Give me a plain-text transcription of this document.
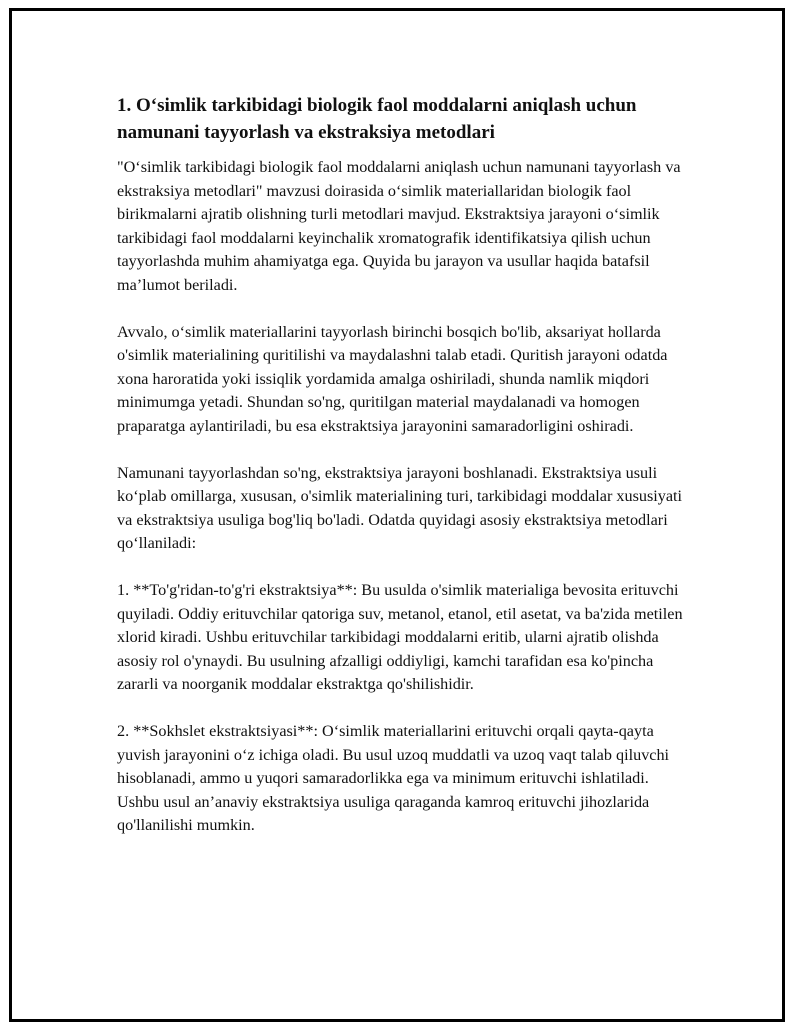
1. O‘simlik tarkibidagi biologik faol moddalarni aniqlash uchun namunani tayyorlash va ekstraksiya metodlari

"O‘simlik tarkibidagi biologik faol moddalarni aniqlash uchun namunani tayyorlash va ekstraksiya metodlari" mavzusi doirasida o‘simlik materiallaridan biologik faol birikmalarni ajratib olishning turli metodlari mavjud. Ekstraktsiya jarayoni o‘simlik tarkibidagi faol moddalarni keyinchalik xromatografik identifikatsiya qilish uchun tayyorlashda muhim ahamiyatga ega. Quyida bu jarayon va usullar haqida batafsil ma’lumot beriladi.

Avvalo, o‘simlik materiallarini tayyorlash birinchi bosqich bo'lib, aksariyat hollarda o'simlik materialining quritilishi va maydalashni talab etadi. Quritish jarayoni odatda xona haroratida yoki issiqlik yordamida amalga oshiriladi, shunda namlik miqdori minimumga yetadi. Shundan so'ng, quritilgan material maydalanadi va homogen praparatga aylantiriladi, bu esa ekstraktsiya jarayonini samaradorligini oshiradi.

Namunani tayyorlashdan so'ng, ekstraktsiya jarayoni boshlanadi. Ekstraktsiya usuli ko‘plab omillarga, xususan, o'simlik materialining turi, tarkibidagi moddalar xususiyati va ekstraktsiya usuliga bog'liq bo'ladi. Odatda quyidagi asosiy ekstraktsiya metodlari qo‘llaniladi:

1. **To'g'ridan-to'g'ri ekstraktsiya**: Bu usulda o'simlik materialiga bevosita erituvchi quyiladi. Oddiy erituvchilar qatoriga suv, metanol, etanol, etil asetat, va ba'zida metilen xlorid kiradi. Ushbu erituvchilar tarkibidagi moddalarni eritib, ularni ajratib olishda asosiy rol o'ynaydi. Bu usulning afzalligi oddiyligi, kamchi tarafidan esa ko'pincha zararli va noorganik moddalar ekstraktga qo'shilishidir.

2. **Sokhslet ekstraktsiyasi**: O‘simlik materiallarini erituvchi orqali qayta-qayta yuvish jarayonini o‘z ichiga oladi. Bu usul uzoq muddatli va uzoq vaqt talab qiluvchi hisoblanadi, ammo u yuqori samaradorlikka ega va minimum erituvchi ishlatiladi. Ushbu usul an’anaviy ekstraktsiya usuliga qaraganda kamroq erituvchi jihozlarida qo'llanilishi mumkin.
